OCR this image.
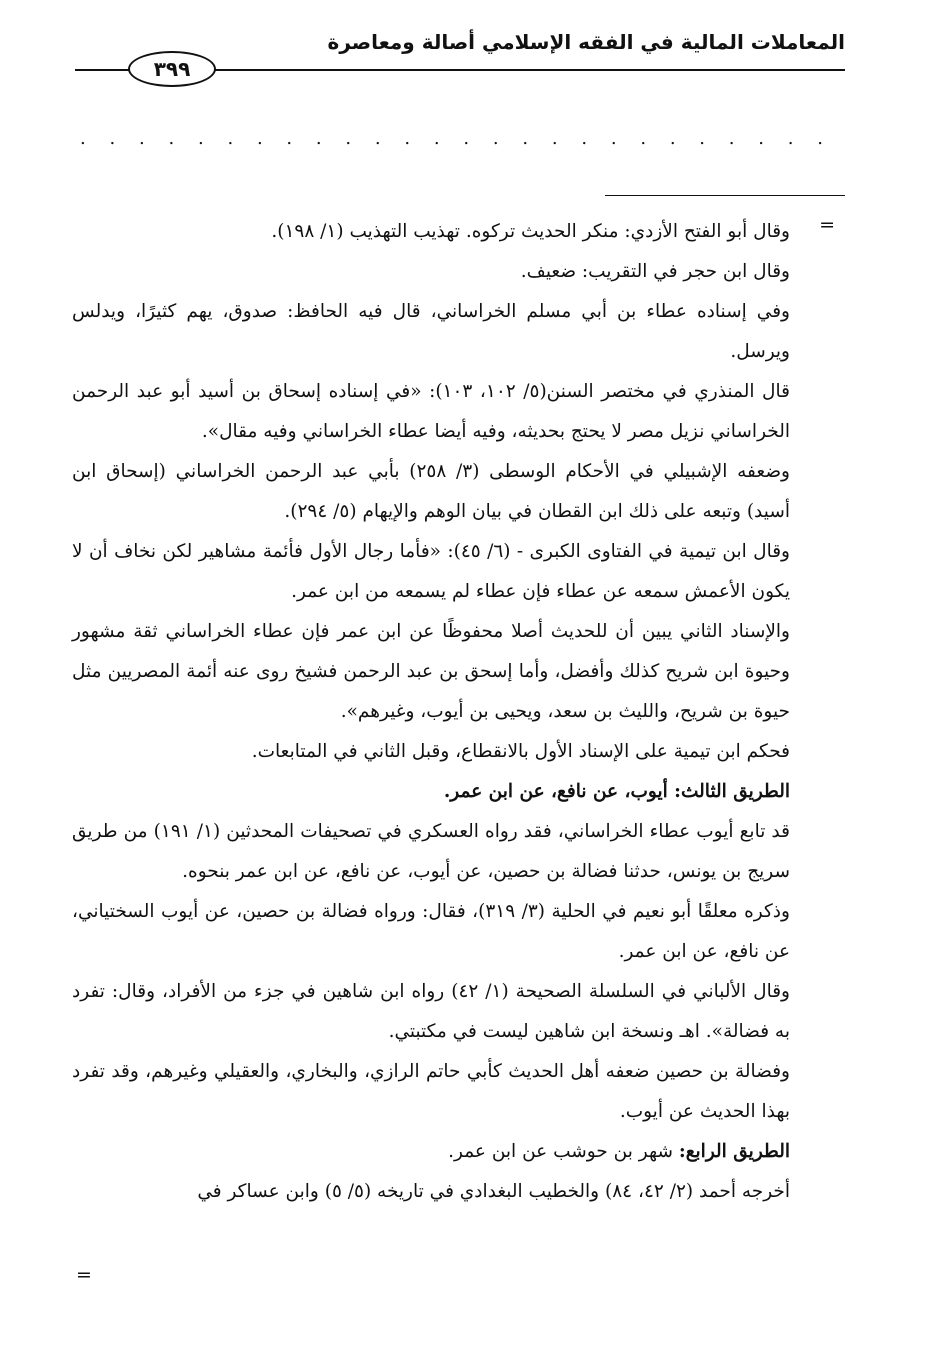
المعاملات المالية في الفقه الإسلامي أصالة ومعاصرة
٣٩٩
. . . . . . . . . . . . . . . . . . . . . . . . . .
=

وقال أبو الفتح الأزدي: منكر الحديث تركوه. تهذيب التهذيب (١/ ١٩٨).

وقال ابن حجر في التقريب: ضعيف.

وفي إسناده عطاء بن أبي مسلم الخراساني، قال فيه الحافظ: صدوق، يهم كثيرًا، ويدلس ويرسل.

قال المنذري في مختصر السنن(٥/ ١٠٢، ١٠٣): «في إسناده إسحاق بن أسيد أبو عبد الرحمن الخراساني نزيل مصر لا يحتج بحديثه، وفيه أيضا عطاء الخراساني وفيه مقال».

وضعفه الإشبيلي في الأحكام الوسطى (٣/ ٢٥٨) بأبي عبد الرحمن الخراساني (إسحاق ابن أسيد) وتبعه على ذلك ابن القطان في بيان الوهم والإيهام (٥/ ٢٩٤).

وقال ابن تيمية في الفتاوى الكبرى - (٦/ ٤٥): «فأما رجال الأول فأئمة مشاهير لكن نخاف أن لا يكون الأعمش سمعه عن عطاء فإن عطاء لم يسمعه من ابن عمر.

والإسناد الثاني يبين أن للحديث أصلا محفوظًا عن ابن عمر فإن عطاء الخراساني ثقة مشهور وحيوة ابن شريح كذلك وأفضل، وأما إسحق بن عبد الرحمن فشيخ روى عنه أئمة المصريين مثل حيوة بن شريح، والليث بن سعد، ويحيى بن أيوب، وغيرهم».

فحكم ابن تيمية على الإسناد الأول بالانقطاع، وقبل الثاني في المتابعات.

الطريق الثالث: أيوب، عن نافع، عن ابن عمر.

قد تابع أيوب عطاء الخراساني، فقد رواه العسكري في تصحيفات المحدثين (١/ ١٩١) من طريق سريج بن يونس، حدثنا فضالة بن حصين، عن أيوب، عن نافع، عن ابن عمر بنحوه.

وذكره معلقًا أبو نعيم في الحلية (٣/ ٣١٩)، فقال: ورواه فضالة بن حصين، عن أيوب السختياني، عن نافع، عن ابن عمر.

وقال الألباني في السلسلة الصحيحة (١/ ٤٢) رواه ابن شاهين في جزء من الأفراد، وقال: تفرد به فضالة». اهـ ونسخة ابن شاهين ليست في مكتبتي.

وفضالة بن حصين ضعفه أهل الحديث كأبي حاتم الرازي، والبخاري، والعقيلي وغيرهم، وقد تفرد بهذا الحديث عن أيوب.

الطريق الرابع: شهر بن حوشب عن ابن عمر.

أخرجه أحمد (٢/ ٤٢، ٨٤) والخطيب البغدادي في تاريخه (٥/ ٥) وابن عساكر في

=
